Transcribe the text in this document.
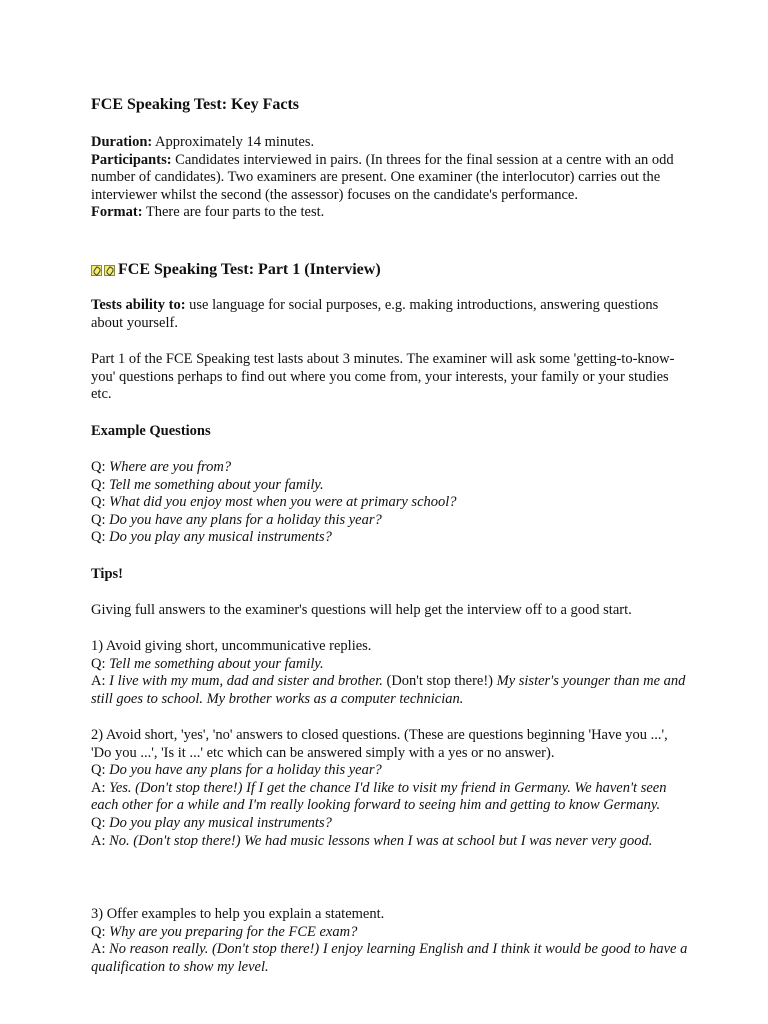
FCE Speaking Test: Key Facts

Duration: Approximately 14 minutes.
Participants: Candidates interviewed in pairs. (In threes for the final session at a centre with an odd number of candidates). Two examiners are present. One examiner (the interlocutor) carries out the interviewer whilst the second (the assessor) focuses on the candidate's performance.
Format: There are four parts to the test.

FCE Speaking Test: Part 1 (Interview)

Tests ability to: use language for social purposes, e.g. making introductions, answering questions about yourself.

Part 1 of the FCE Speaking test lasts about 3 minutes. The examiner will ask some 'getting-to-know-you' questions perhaps to find out where you come from, your interests, your family or your studies etc.

Example Questions

Q: Where are you from?
Q: Tell me something about your family.
Q: What did you enjoy most when you were at primary school?
Q: Do you have any plans for a holiday this year?
Q: Do you play any musical instruments?

Tips!

Giving full answers to the examiner's questions will help get the interview off to a good start.

1) Avoid giving short, uncommunicative replies.
Q: Tell me something about your family.
A: I live with my mum, dad and sister and brother. (Don't stop there!) My sister's younger than me and still goes to school. My brother works as a computer technician.

2) Avoid short, 'yes', 'no' answers to closed questions. (These are questions beginning 'Have you ...', 'Do you ...', 'Is it ...' etc which can be answered simply with a yes or no answer).
Q: Do you have any plans for a holiday this year?
A: Yes. (Don't stop there!) If I get the chance I'd like to visit my friend in Germany. We haven't seen each other for a while and I'm really looking forward to seeing him and getting to know Germany.
Q: Do you play any musical instruments?
A: No. (Don't stop there!) We had music lessons when I was at school but I was never very good.

3) Offer examples to help you explain a statement.
Q: Why are you preparing for the FCE exam?
A: No reason really. (Don't stop there!) I enjoy learning English and I think it would be good to have a qualification to show my level.
